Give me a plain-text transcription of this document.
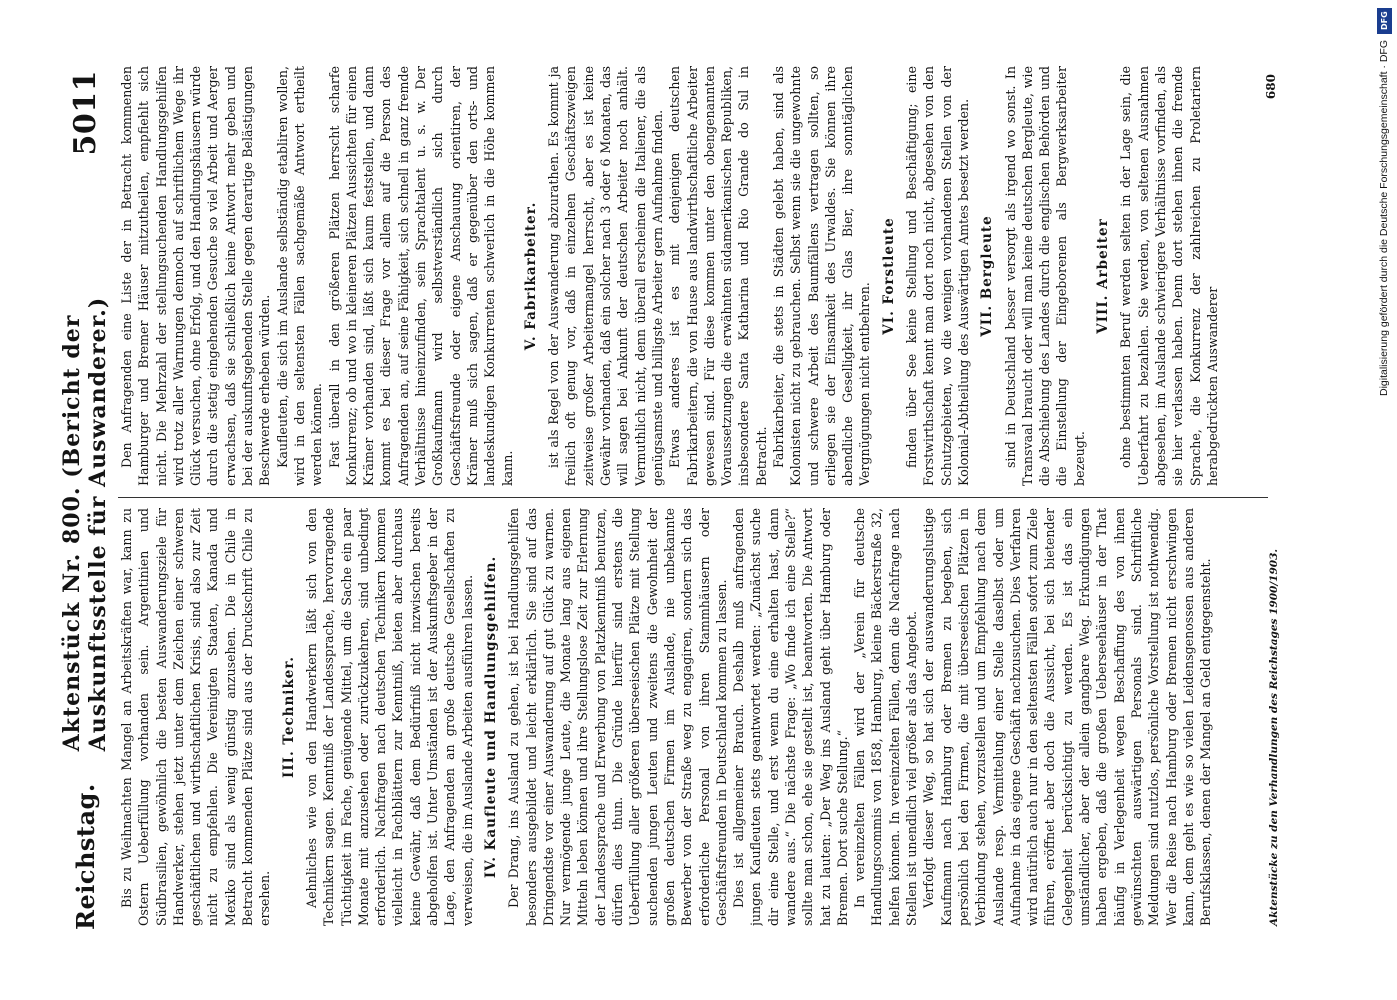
Reichstag.
Aktenstück Nr. 800. (Bericht der Auskunftsstelle für Auswanderer.)
5011

Bis zu Weihnachten Mangel an Arbeitskräften war, kann zu Ostern Ueberfüllung vorhanden sein. Argentinien und Südbrasilien, gewöhnlich die besten Auswanderungsziele für Handwerker, stehen jetzt unter dem Zeichen einer schweren geschäftlichen und wirthschaftlichen Krisis, sind also zur Zeit nicht zu empfehlen. Die Vereinigten Staaten, Kanada und Mexiko sind als wenig günstig anzusehen. Die in Chile in Betracht kommenden Plätze sind aus der Druckschrift Chile zu ersehen.

III. Techniker. Aehnliches wie von den Handwerkern läßt sich von den Technikern sagen. Kenntniß der Landessprache, hervorragende Tüchtigkeit im Fache, genügende Mittel, um die Sache ein paar Monate mit anzusehen oder zurückzukehren, sind unbedingt erforderlich. Nachfragen nach deutschen Technikern kommen vielleicht in Fachblättern zur Kenntniß, bieten aber durchaus keine Gewähr, daß dem Bedürfniß nicht inzwischen bereits abgeholfen ist. Unter Umständen ist der Auskunftsgeber in der Lage, den Anfragenden an große deutsche Gesellschaften zu verweisen, die im Auslande Arbeiten ausführen lassen. IV. Kaufleute und Handlungsgehilfen. Der Drang, ins Ausland zu gehen, ist bei Handlungsgehilfen besonders ausgebildet und leicht erklärlich. Sie sind auf das Dringendste vor einer Auswanderung auf gut Glück zu warnen. Nur vermögende junge Leute, die Monate lang aus eigenen Mitteln leben können und ihre Stellungslose Zeit zur Erlernung der Landessprache und Erwerbung von Platzkenntniß benutzen, dürfen dies thun. Die Gründe hierfür sind erstens die Ueberfüllung aller größeren überseeischen Plätze mit Stellung suchenden jungen Leuten und zweitens die Gewohnheit der großen deutschen Firmen im Auslande, nie unbekannte Bewerber von der Straße weg zu engagiren, sondern sich das erforderliche Personal von ihren Stammhäusern oder Geschäftsfreunden in Deutschland kommen zu lassen. Dies ist allgemeiner Brauch. Deshalb muß anfragenden jungen Kaufleuten stets geantwortet werden: „Zunächst suche dir eine Stelle, und erst wenn du eine erhalten hast, dann wandere aus.“ Die nächste Frage: „Wo finde ich eine Stelle?“ sollte man schon, ehe sie gestellt ist, beantworten. Die Antwort hat zu lauten: „Der Weg ins Ausland geht über Hamburg oder Bremen. Dort suche Stellung.“ In vereinzelten Fällen wird der „Verein für deutsche Handlungscommis von 1858, Hamburg, kleine Bäckerstraße 32, helfen können. In vereinzelten Fällen, denn die Nachfrage nach Stellen ist unendlich viel größer als das Angebot. Verfolgt dieser Weg, so hat sich der auswanderungslustige Kaufmann nach Hamburg oder Bremen zu begeben, sich persönlich bei den Firmen, die mit überseeischen Plätzen in Verbindung stehen, vorzustellen und um Empfehlung nach dem Auslande resp. Vermittelung einer Stelle daselbst oder um Aufnahme in das eigene Geschäft nachzusuchen. Dies Verfahren wird natürlich auch nur in den seltensten Fällen sofort zum Ziele führen, eröffnet aber doch die Aussicht, bei sich bietender Gelegenheit berücksichtigt zu werden. Es ist das ein umständlicher, aber der allein gangbare Weg. Erkundigungen haben ergeben, daß die großen Ueberseehäuser in der That häufig in Verlegenheit wegen Beschaffung des von ihnen gewünschten auswärtigen Personals sind. Schriftliche Meldungen sind nutzlos, persönliche Vorstellung ist nothwendig. Wer die Reise nach Hamburg oder Bremen nicht erschwingen kann, dem geht es wie so vielen Leidensgenossen aus anderen Berufsklassen, denen der Mangel an Geld entgegensteht.

Den Anfragenden eine Liste der in Betracht kommenden Hamburger und Bremer Häuser mitzutheilen, empfiehlt sich nicht. Die Mehrzahl der stellungsuchenden Handlungsgehilfen wird trotz aller Warnungen dennoch auf schriftlichem Wege ihr Glück versuchen, ohne Erfolg, und den Handlungshäusern würde durch die stetig eingehenden Gesuche so viel Arbeit und Aerger erwachsen, daß sie schließlich keine Antwort mehr geben und bei der auskunftsgebenden Stelle gegen derartige Belästigungen Beschwerde erheben würden. Kaufleuten, die sich im Auslande selbständig etabliren wollen, wird in den seltensten Fällen sachgemäße Antwort ertheilt werden können. Fast überall in den größeren Plätzen herrscht scharfe Konkurrenz; ob und wo in kleineren Plätzen Aussichten für einen Krämer vorhanden sind, läßt sich kaum feststellen, und dann kommt es bei dieser Frage vor allem auf die Person des Anfragenden an, auf seine Fähigkeit, sich schnell in ganz fremde Verhältnisse hineinzufinden, sein Sprachtalent u. s. w. Der Großkaufmann wird selbstverständlich sich durch Geschäftsfreunde oder eigene Anschauung orientiren, der Krämer muß sich sagen, daß er gegenüber den orts- und landeskundigen Konkurrenten schwerlich in die Höhe kommen kann.

V. Fabrikarbeiter. ist als Regel von der Auswanderung abzurathen. Es kommt ja freilich oft genug vor, daß in einzelnen Geschäftszweigen zeitweise großer Arbeitermangel herrscht, aber es ist keine Gewähr vorhanden, daß ein solcher nach 3 oder 6 Monaten, das will sagen bei Ankunft der deutschen Arbeiter noch anhält. Vermuthlich nicht, denn überall erscheinen die Italiener, die als genügsamste und billigste Arbeiter gern Aufnahme finden. Etwas anderes ist es mit denjenigen deutschen Fabrikarbeitern, die von Hause aus landwirthschaftliche Arbeiter gewesen sind. Für diese kommen unter den obengenannten Voraussetzungen die erwähnten südamerikanischen Republiken, insbesondere Santa Katharina und Rio Grande do Sul in Betracht. Fabrikarbeiter, die stets in Städten gelebt haben, sind als Kolonisten nicht zu gebrauchen. Selbst wenn sie die ungewohnte und schwere Arbeit des Baumfällens vertragen sollten, so erliegen sie der Einsamkeit des Urwaldes. Sie können ihre abendliche Geselligkeit, ihr Glas Bier, ihre sonntäglichen Vergnügungen nicht entbehren.

VI. Forstleute finden über See keine Stellung und Beschäftigung; eine Forstwirthschaft kennt man dort noch nicht, abgesehen von den Schutzgebieten, wo die wenigen vorhandenen Stellen von der Kolonial-Abtheilung des Auswärtigen Amtes besetzt werden. VII. Bergleute sind in Deutschland besser versorgt als irgend wo sonst. In Transvaal braucht oder will man keine deutschen Bergleute, wie die Abschiebung des Landes durch die englischen Behörden und die Einstellung der Eingeborenen als Bergwerksarbeiter bezeugt.

VIII. Arbeiter ohne bestimmten Beruf werden selten in der Lage sein, die Ueberfahrt zu bezahlen. Sie werden, von seltenen Ausnahmen abgesehen, im Auslande schwierigere Verhältnisse vorfinden, als sie hier verlassen haben. Denn dort stehen ihnen die fremde Sprache, die Konkurrenz der zahlreichen zu Proletariern herabgedrückten Auswanderer

Aktenstücke zu den Verhandlungen des Reichstages 1900/1903.
680
DFG
Digitalisierung gefördert durch die Deutsche Forschungsgemeinschaft · DFG
